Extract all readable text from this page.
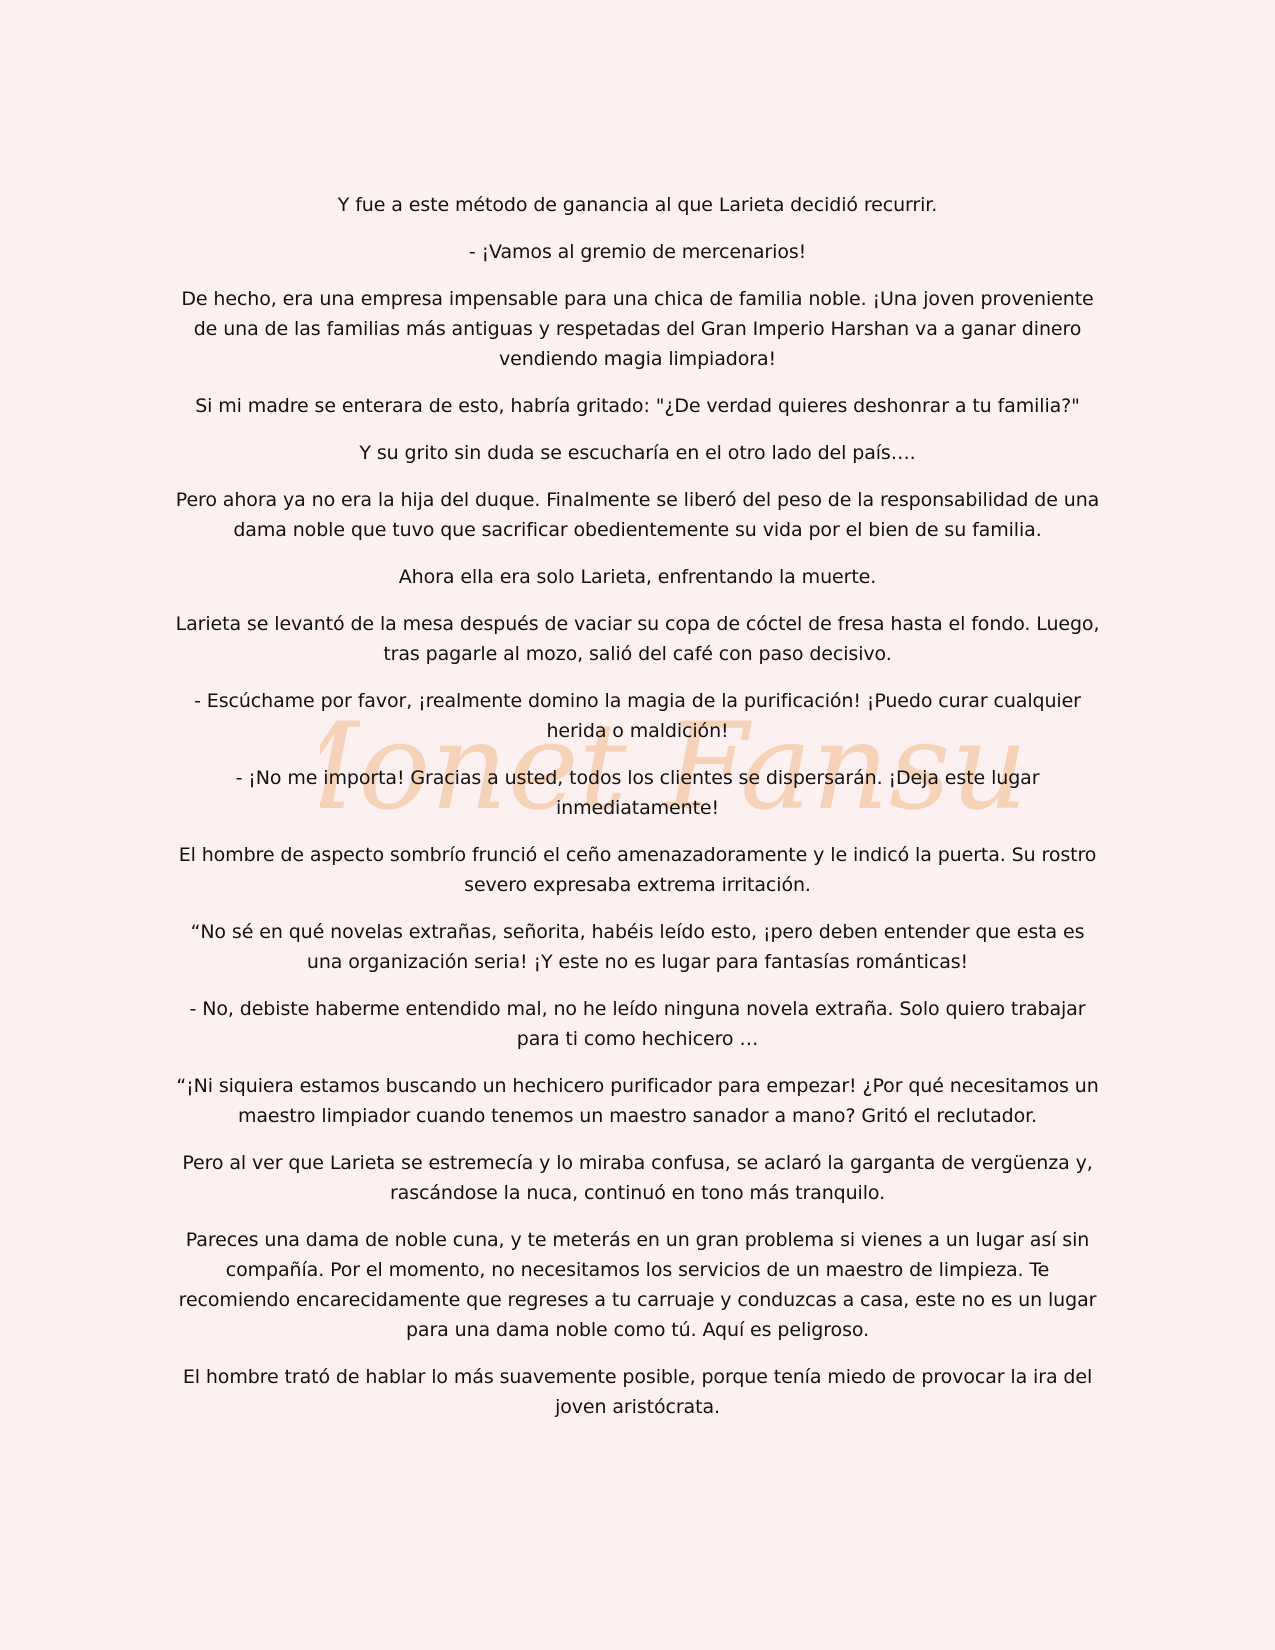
onet Fans

Y fue a este método de ganancia al que Larieta decidió recurrir.

- ¡Vamos al gremio de mercenarios!

De hecho, era una empresa impensable para una chica de familia noble. ¡Una joven proveniente de una de las familias más antiguas y respetadas del Gran Imperio Harshan va a ganar dinero vendiendo magia limpiadora!

Si mi madre se enterara de esto, habría gritado: "¿De verdad quieres deshonrar a tu familia?"

Y su grito sin duda se escucharía en el otro lado del país….

Pero ahora ya no era la hija del duque. Finalmente se liberó del peso de la responsabilidad de una dama noble que tuvo que sacrificar obedientemente su vida por el bien de su familia.

Ahora ella era solo Larieta, enfrentando la muerte.

Larieta se levantó de la mesa después de vaciar su copa de cóctel de fresa hasta el fondo. Luego, tras pagarle al mozo, salió del café con paso decisivo.

- Escúchame por favor, ¡realmente domino la magia de la purificación! ¡Puedo curar cualquier herida o maldición!

- ¡No me importa! Gracias a usted, todos los clientes se dispersarán. ¡Deja este lugar inmediatamente!

El hombre de aspecto sombrío frunció el ceño amenazadoramente y le indicó la puerta. Su rostro severo expresaba extrema irritación.

“No sé en qué novelas extrañas, señorita, habéis leído esto, ¡pero deben entender que esta es una organización seria! ¡Y este no es lugar para fantasías románticas!

- No, debiste haberme entendido mal, no he leído ninguna novela extraña. Solo quiero trabajar para ti como hechicero …

“¡Ni siquiera estamos buscando un hechicero purificador para empezar! ¿Por qué necesitamos un maestro limpiador cuando tenemos un maestro sanador a mano? Gritó el reclutador.

Pero al ver que Larieta se estremecía y lo miraba confusa, se aclaró la garganta de vergüenza y, rascándose la nuca, continuó en tono más tranquilo.

Pareces una dama de noble cuna, y te meterás en un gran problema si vienes a un lugar así sin compañía. Por el momento, no necesitamos los servicios de un maestro de limpieza. Te recomiendo encarecidamente que regreses a tu carruaje y conduzcas a casa, este no es un lugar para una dama noble como tú. Aquí es peligroso.

El hombre trató de hablar lo más suavemente posible, porque tenía miedo de provocar la ira del joven aristócrata.
